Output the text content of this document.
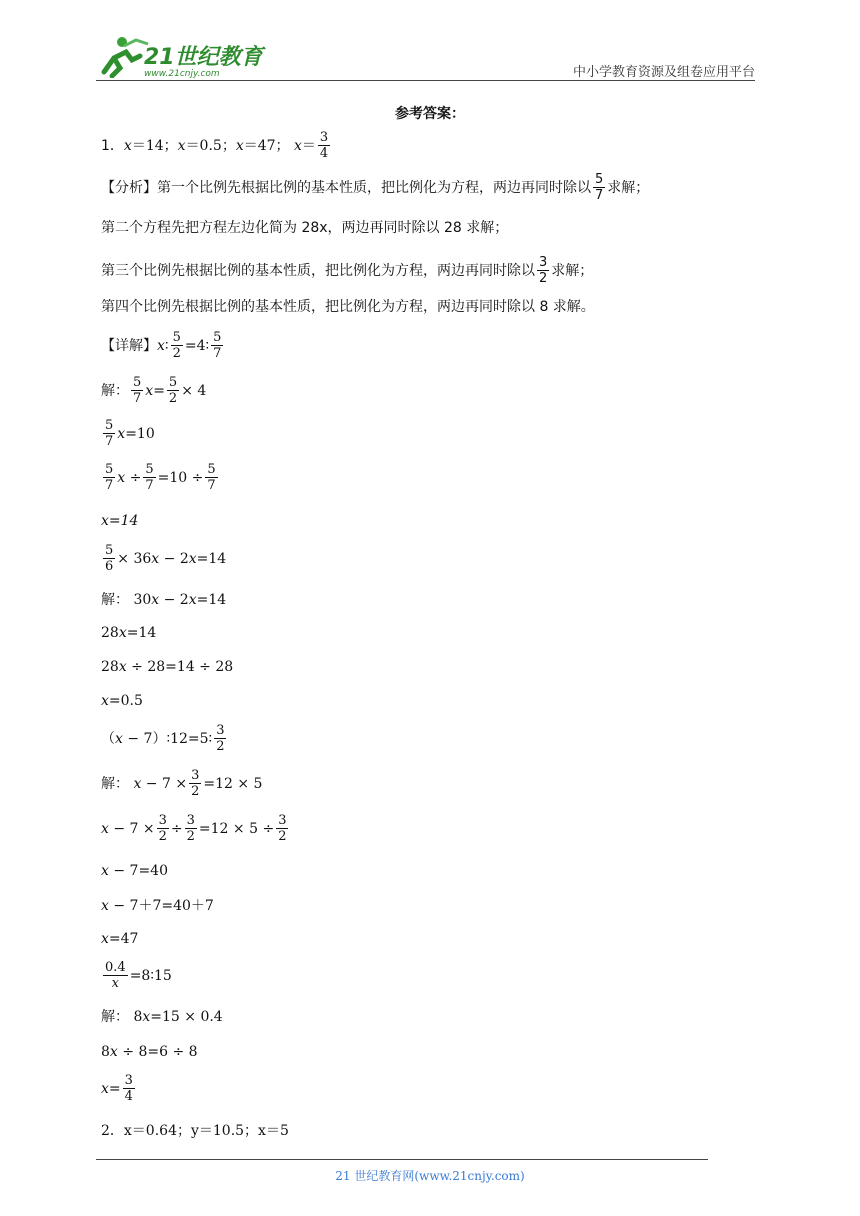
21世纪教育
www.21cnjy.com	中小学教育资源及组卷应用平台
参考答案：
1． x＝14；x＝0.5；x＝47； x＝ 3
4
【分析】第一个比例先根据比例的基本性质，把比例化为方程，两边再同时除以 5
7 求解；
第二个方程先把方程左边化简为 28x，两边再同时除以 28 求解；
第三个比例先根据比例的基本性质，把比例化为方程，两边再同时除以 3
2 求解；
第四个比例先根据比例的基本性质，把比例化为方程，两边再同时除以 8 求解。
【详解】 x ∶ 5
2 =4∶ 5
7
解： 5
7 x = 5
2 × 4
5
7 x =10
5
7 x ÷ 5
7 =10 ÷ 5
7
x=14
5
6 × 36 x − 2 x =14
解： 30 x − 2 x =14
28 x =14
28 x ÷ 28=14 ÷ 28
x =0.5
（ x − 7 ） ∶12=5∶ 3
2
解：
x − 7 × 3
2 =12 × 5
x − 7 × 3
2 ÷ 3
2 =12 × 5 ÷ 3
2
x − 7=40
x − 7＋7=40＋7
x =47
0.4
x =8∶15
解： 8 x =15 × 0.4
8 x ÷ 8=6 ÷ 8
x = 3
4
2．x＝0.64；y＝10.5；x＝5
21 世纪教育网(www.21cnjy.com)
